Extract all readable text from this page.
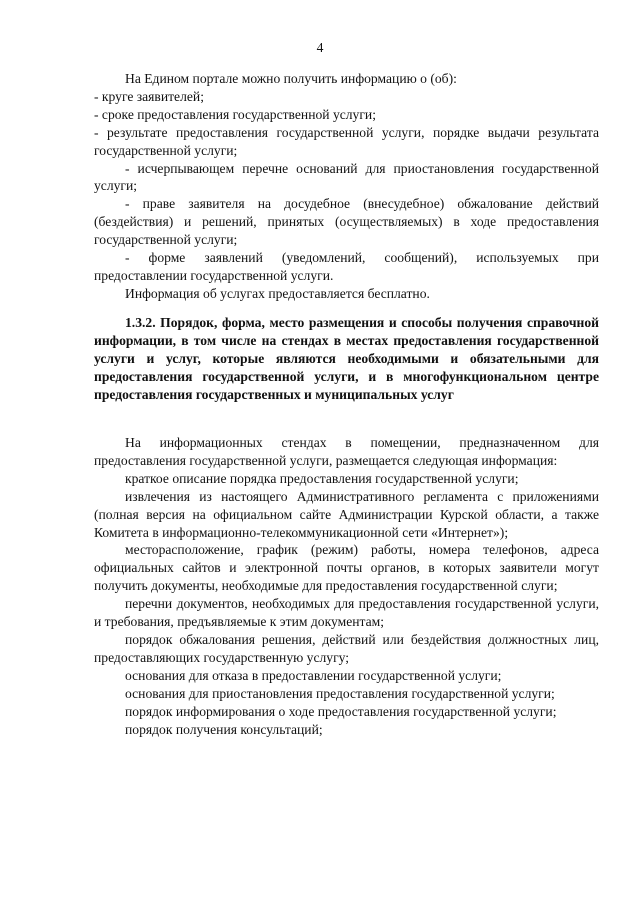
4

На Едином портале можно получить информацию о (об):

- круге заявителей;

- сроке предоставления государственной услуги;

- результате предоставления государственной услуги, порядке выдачи результата государственной услуги;

- исчерпывающем перечне оснований для приостановления государственной услуги;

- праве заявителя на досудебное (внесудебное) обжалование действий (бездействия) и решений, принятых (осуществляемых) в ходе предоставления государственной услуги;

- форме заявлений (уведомлений, сообщений), используемых при предоставлении государственной услуги.

Информация об услугах предоставляется бесплатно.

1.3.2. Порядок, форма, место размещения и способы получения справочной информации, в том числе на стендах в местах предоставления государственной услуги и услуг, которые являются необходимыми и обязательными для предоставления государственной услуги, и в многофункциональном центре предоставления государственных и муниципальных услуг

На информационных стендах в помещении, предназначенном для предоставления государственной услуги, размещается следующая информация:

краткое описание порядка предоставления государственной услуги;

извлечения из настоящего Административного регламента с приложениями (полная версия на официальном сайте Администрации Курской области, а также Комитета в информационно-телекоммуникационной сети «Интернет»);

месторасположение, график (режим) работы, номера телефонов, адреса официальных сайтов и электронной почты органов, в которых заявители могут получить документы, необходимые для предоставления государственной слуги;

перечни документов, необходимых для предоставления государственной услуги, и требования, предъявляемые к этим документам;

порядок обжалования решения, действий или бездействия должностных лиц, предоставляющих государственную услугу;

основания для отказа в предоставлении государственной услуги;

основания для приостановления предоставления государственной услуги;

порядок информирования о ходе предоставления государственной услуги;

порядок получения консультаций;
